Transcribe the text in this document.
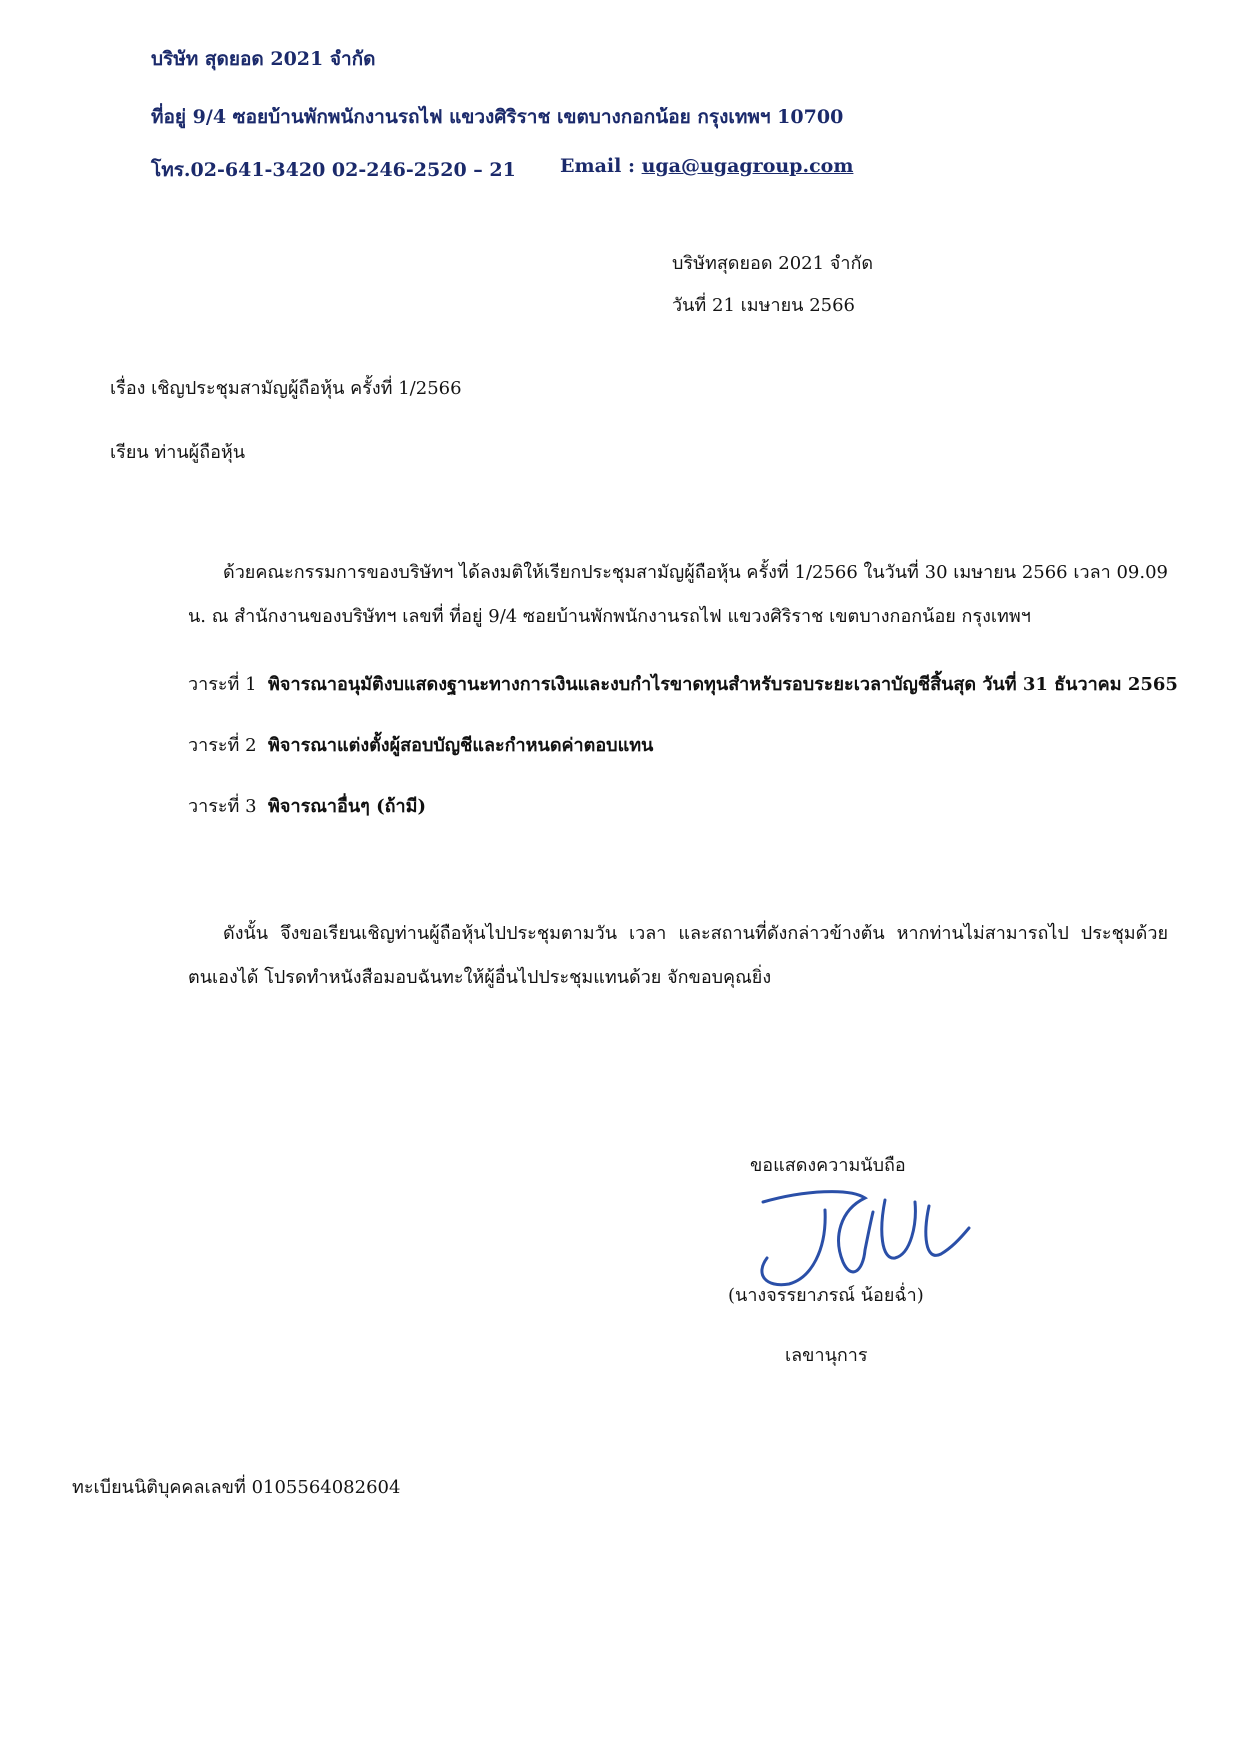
บริษัท สุดยอด 2021 จำกัด
ที่อยู่ 9/4 ซอยบ้านพักพนักงานรถไฟ แขวงศิริราช เขตบางกอกน้อย กรุงเทพฯ 10700
โทร.02-641-3420 02-246-2520 – 21 Email : uga@ugagroup.com
บริษัทสุดยอด 2021 จำกัด
วันที่ 21 เมษายน 2566
เรื่อง เชิญประชุมสามัญผู้ถือหุ้น ครั้งที่ 1/2566
เรียน ท่านผู้ถือหุ้น
ด้วยคณะกรรมการของบริษัทฯ ได้ลงมติให้เรียกประชุมสามัญผู้ถือหุ้น ครั้งที่ 1/2566 ในวันที่ 30 เมษายน 2566 เวลา 09.09 น. ณ สำนักงานของบริษัทฯ เลขที่ ที่อยู่ 9/4 ซอยบ้านพักพนักงานรถไฟ แขวงศิริราช เขตบางกอกน้อย กรุงเทพฯ
วาระที่ 1 พิจารณาอนุมัติงบแสดงฐานะทางการเงินและงบกำไรขาดทุนสำหรับรอบระยะเวลาบัญชีสิ้นสุด วันที่ 31 ธันวาคม 2565
วาระที่ 2 พิจารณาแต่งตั้งผู้สอบบัญชีและกำหนดค่าตอบแทน
วาระที่ 3 พิจารณาอื่นๆ (ถ้ามี)
ดังนั้น จึงขอเรียนเชิญท่านผู้ถือหุ้นไปประชุมตามวัน เวลา และสถานที่ดังกล่าวข้างต้น หากท่านไม่สามารถไป ประชุมด้วยตนเองได้ โปรดทำหนังสือมอบฉันทะให้ผู้อื่นไปประชุมแทนด้วย จักขอบคุณยิ่ง
ขอแสดงความนับถือ
(นางจรรยาภรณ์ น้อยฉ่ำ)
เลขานุการ
ทะเบียนนิติบุคคลเลขที่ 0105564082604
